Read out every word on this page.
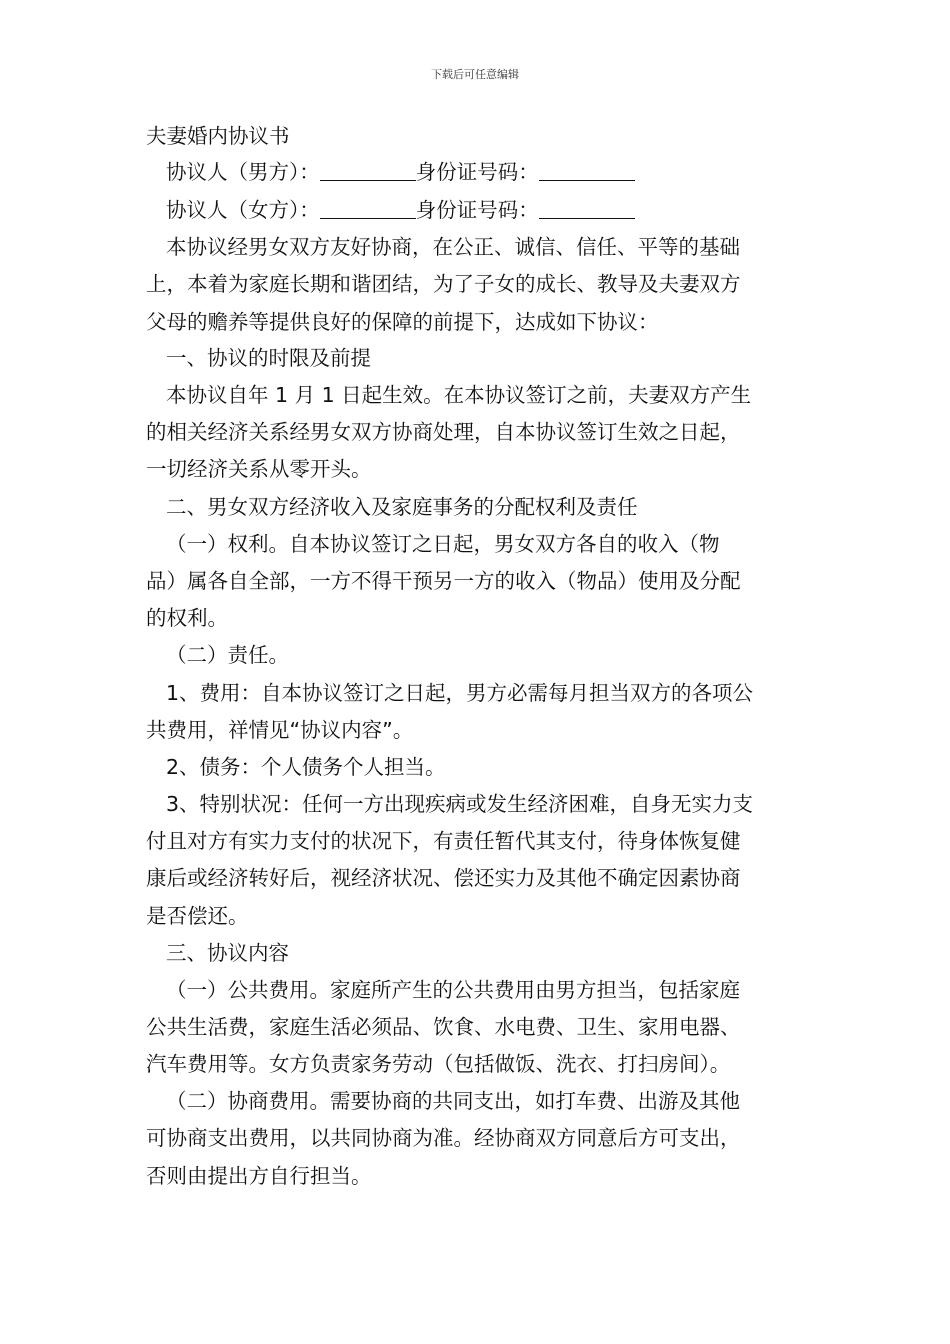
下载后可任意编辑
夫妻婚内协议书
协议人（男方）：	身份证号码：
协议人（女方）：	身份证号码：
本协议经男女双方友好协商，在公正、诚信、信任、平等的基础
上，本着为家庭长期和谐团结，为了子女的成长、教导及夫妻双方
父母的赡养等提供良好的保障的前提下，达成如下协议：
一、协议的时限及前提
本协议自年 1 月 1 日起生效。在本协议签订之前，夫妻双方产生
的相关经济关系经男女双方协商处理，自本协议签订生效之日起，
一切经济关系从零开头。
二、男女双方经济收入及家庭事务的分配权利及责任
（一）权利。自本协议签订之日起，男女双方各自的收入（物
品）属各自全部，一方不得干预另一方的收入（物品）使用及分配
的权利。
（二）责任。
1、费用：自本协议签订之日起，男方必需每月担当双方的各项公
共费用，祥情见“协议内容”。
2、债务：个人债务个人担当。
3、特别状况：任何一方出现疾病或发生经济困难，自身无实力支
付且对方有实力支付的状况下，有责任暂代其支付，待身体恢复健
康后或经济转好后，视经济状况、偿还实力及其他不确定因素协商
是否偿还。
三、协议内容
（一）公共费用。家庭所产生的公共费用由男方担当，包括家庭
公共生活费，家庭生活必须品、饮食、水电费、卫生、家用电器、
汽车费用等。女方负责家务劳动（包括做饭、洗衣、打扫房间）。
（二）协商费用。需要协商的共同支出，如打车费、出游及其他
可协商支出费用，以共同协商为准。经协商双方同意后方可支出，
否则由提出方自行担当。
